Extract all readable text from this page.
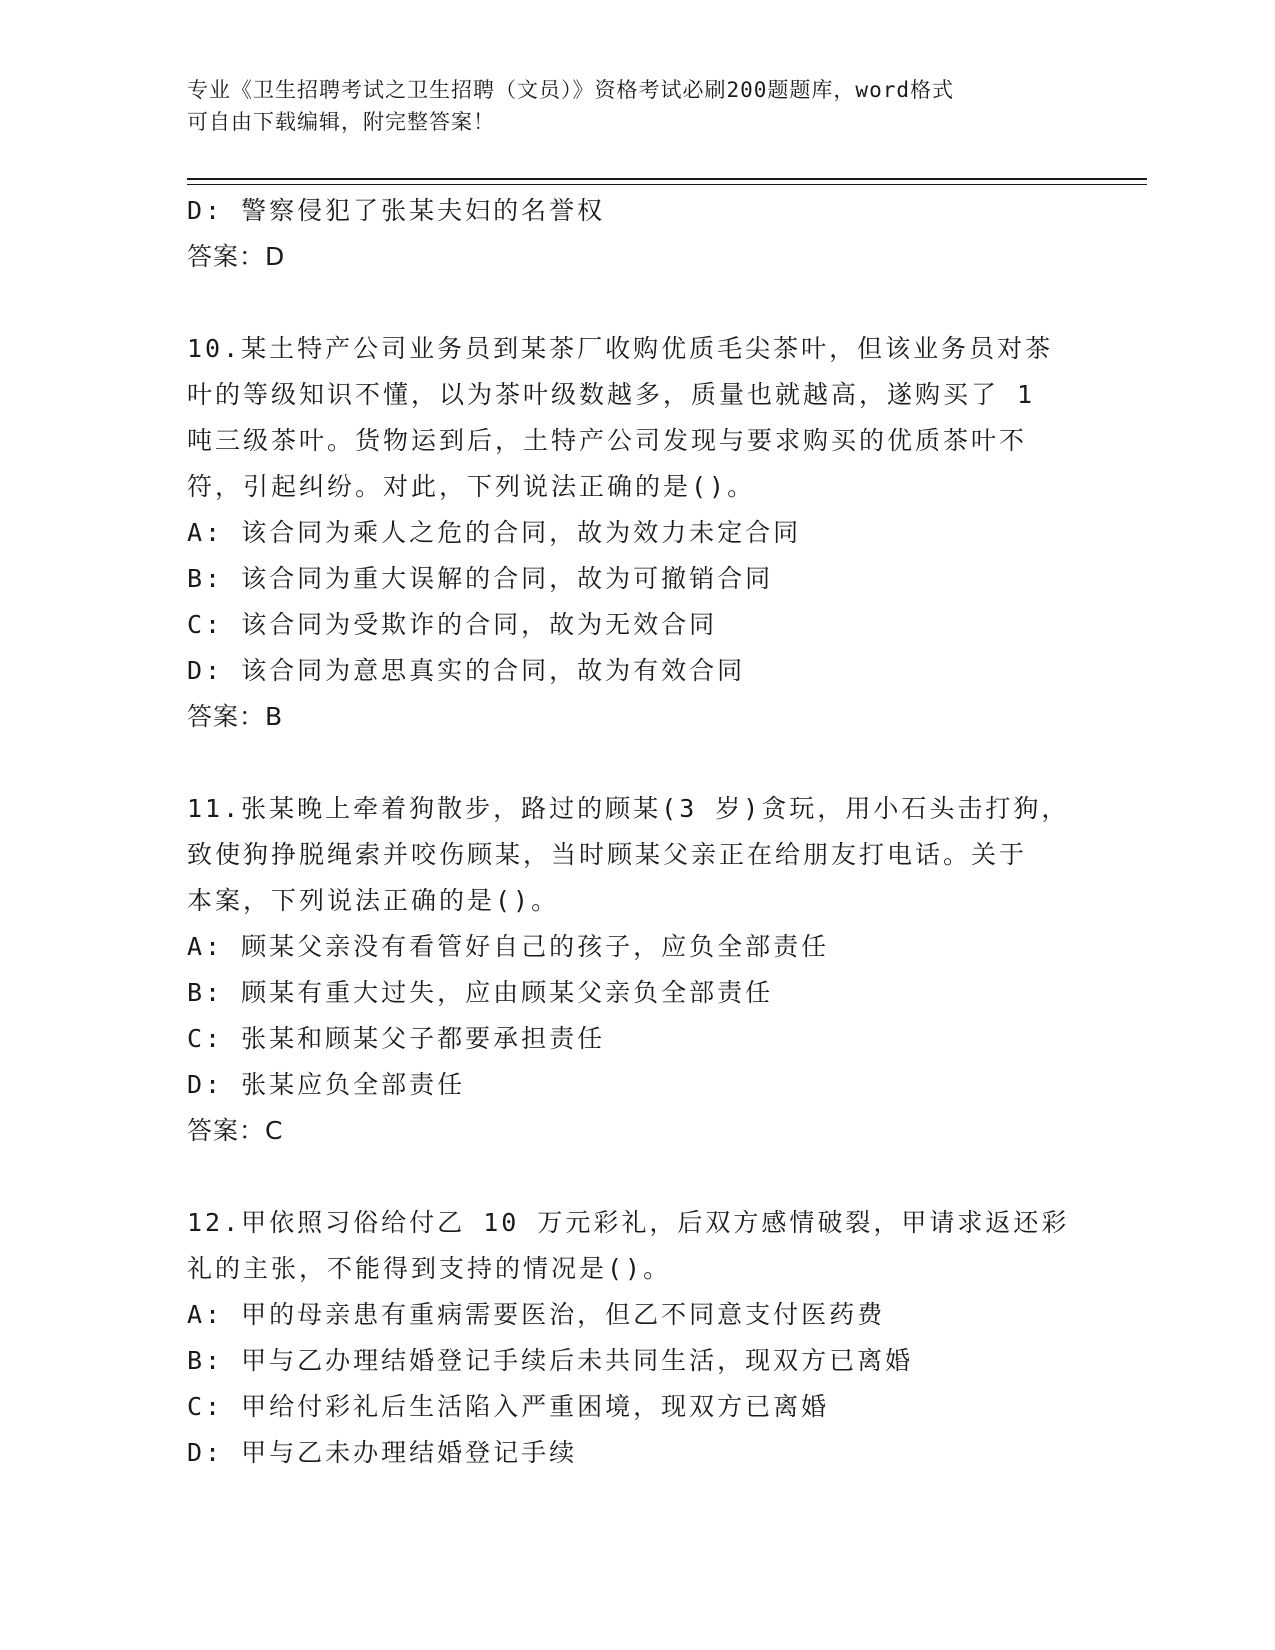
专业《卫生招聘考试之卫生招聘（文员）》资格考试必刷200题题库，word格式
可自由下载编辑，附完整答案！
D: 警察侵犯了张某夫妇的名誉权
答案：D
10.某土特产公司业务员到某茶厂收购优质毛尖茶叶，但该业务员对茶
叶的等级知识不懂，以为茶叶级数越多，质量也就越高，遂购买了 1
吨三级茶叶。货物运到后，土特产公司发现与要求购买的优质茶叶不
符，引起纠纷。对此，下列说法正确的是()。
A: 该合同为乘人之危的合同，故为效力未定合同
B: 该合同为重大误解的合同，故为可撤销合同
C: 该合同为受欺诈的合同，故为无效合同
D: 该合同为意思真实的合同，故为有效合同
答案：B
11.张某晚上牵着狗散步，路过的顾某(3 岁)贪玩，用小石头击打狗，
致使狗挣脱绳索并咬伤顾某，当时顾某父亲正在给朋友打电话。关于
本案，下列说法正确的是()。
A: 顾某父亲没有看管好自己的孩子，应负全部责任
B: 顾某有重大过失，应由顾某父亲负全部责任
C: 张某和顾某父子都要承担责任
D: 张某应负全部责任
答案：C
12.甲依照习俗给付乙 10 万元彩礼，后双方感情破裂，甲请求返还彩
礼的主张，不能得到支持的情况是()。
A: 甲的母亲患有重病需要医治，但乙不同意支付医药费
B: 甲与乙办理结婚登记手续后未共同生活，现双方已离婚
C: 甲给付彩礼后生活陷入严重困境，现双方已离婚
D: 甲与乙未办理结婚登记手续
